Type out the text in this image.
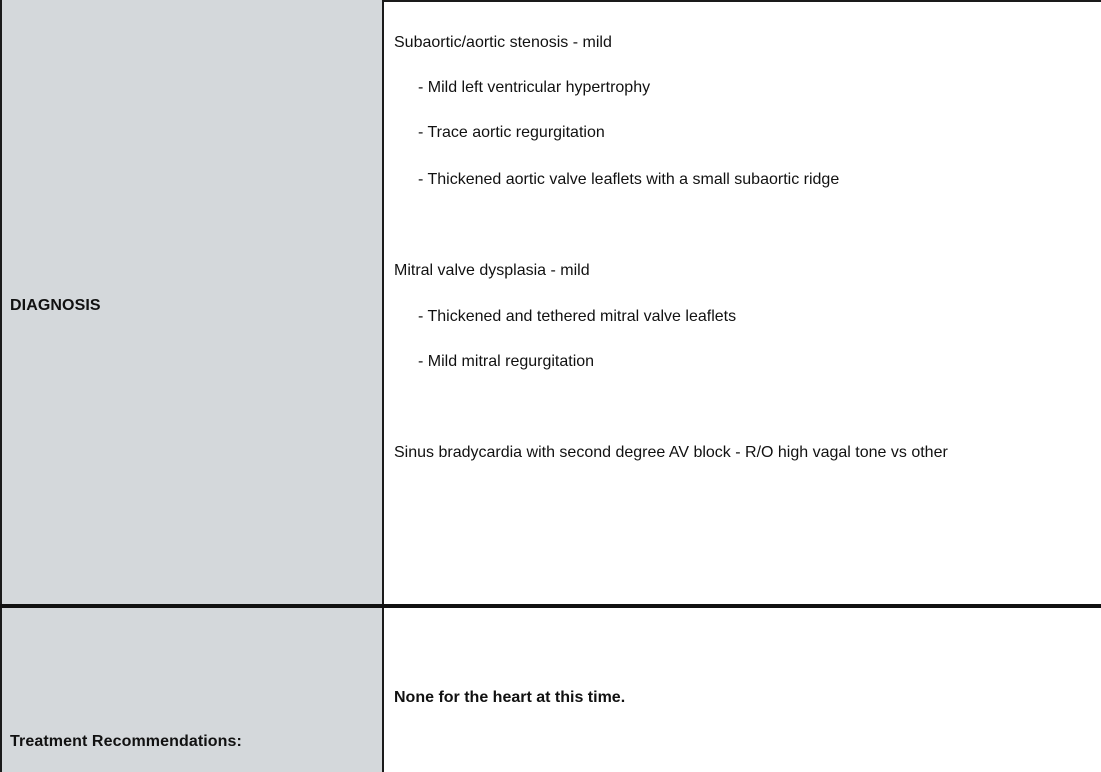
DIAGNOSIS
Subaortic/aortic stenosis - mild
- Mild left ventricular hypertrophy
- Trace aortic regurgitation
- Thickened aortic valve leaflets with a small subaortic ridge
Mitral valve dysplasia - mild
- Thickened and tethered mitral valve leaflets
- Mild mitral regurgitation
Sinus bradycardia with second degree AV block - R/O high vagal tone vs other
Treatment Recommendations:
None for the heart at this time.
